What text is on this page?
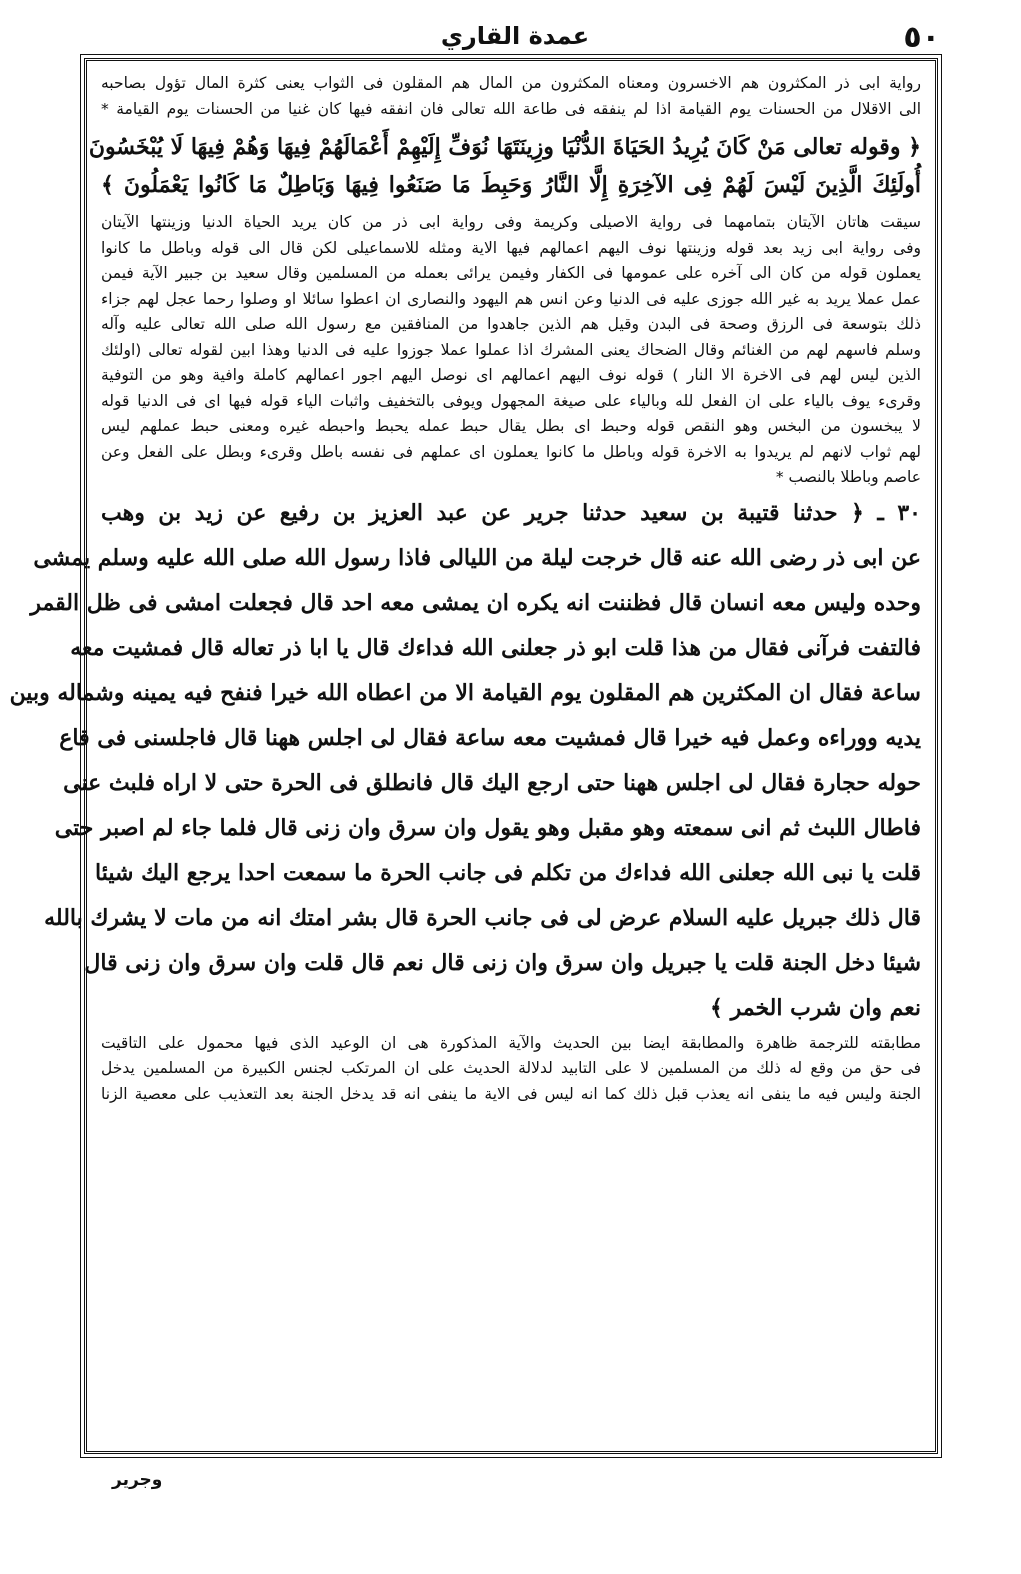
٥٠
عمدة القاري
رواية ابى ذر المكثرون هم الاخسرون ومعناه المكثرون من المال هم المقلون فى الثواب يعنى كثرة المال تؤول بصاحبه
الى الاقلال من الحسنات يوم القيامة اذا لم ينفقه فى طاعة الله تعالى فان انفقه فيها كان غنيا من الحسنات يوم القيامة *
﴿ وقوله تعالى مَنْ كَانَ يُرِيدُ الحَيَاةَ الدُّنْيَا وزِينَتَهَا نُوَفِّ إِلَيْهِمْ أَعْمَالَهُمْ فِيهَا وَهُمْ فِيهَا لَا يُبْخَسُونَ
أُولَئِكَ الَّذِينَ لَيْسَ لَهُمْ فِى الآخِرَةِ إِلَّا النَّارُ وَحَبِطَ مَا صَنَعُوا فِيهَا وَبَاطِلٌ مَا كَانُوا يَعْمَلُونَ ﴾
سيقت هاتان الآيتان بتمامهما فى رواية الاصيلى وكريمة وفى رواية ابى ذر من كان يريد الحياة الدنيا وزينتها الآيتان
وفى رواية ابى زيد بعد قوله وزينتها نوف اليهم اعمالهم فيها الاية ومثله للاسماعيلى لكن قال الى قوله وباطل ما كانوا
يعملون قوله من كان الى آخره على عمومها فى الكفار وفيمن يرائى بعمله من المسلمين وقال سعيد بن جبير الآية فيمن
عمل عملا يريد به غير الله جوزى عليه فى الدنيا وعن انس هم اليهود والنصارى ان اعطوا سائلا او وصلوا رحما عجل لهم جزاء
ذلك بتوسعة فى الرزق وصحة فى البدن وقيل هم الذين جاهدوا من المنافقين مع رسول الله صلى الله تعالى عليه وآله
وسلم فاسهم لهم من الغنائم وقال الضحاك يعنى المشرك اذا عملوا عملا جوزوا عليه فى الدنيا وهذا ابين لقوله تعالى (اولئك
الذين ليس لهم فى الاخرة الا النار ) قوله نوف اليهم اعمالهم اى نوصل اليهم اجور اعمالهم كاملة وافية وهو من التوفية
وقرىء يوف بالياء على ان الفعل لله وبالياء على صيغة المجهول ويوفى بالتخفيف واثبات الياء قوله فيها اى فى الدنيا قوله
لا يبخسون من البخس وهو النقص قوله وحبط اى بطل يقال حبط عمله يحبط واحبطه غيره ومعنى حبط عملهم ليس
لهم ثواب لانهم لم يريدوا به الاخرة قوله وباطل ما كانوا يعملون اى عملهم فى نفسه باطل وقرىء وبطل على الفعل وعن
عاصم وباطلا بالنصب *
٣٠ ـ ﴿ حدثنا قتيبة بن سعيد حدثنا جرير عن عبد العزيز بن رفيع عن زيد بن وهب
عن ابى ذر رضى الله عنه قال خرجت ليلة من الليالى فاذا رسول الله صلى الله عليه وسلم يمشى
وحده وليس معه انسان قال فظننت انه يكره ان يمشى معه احد قال فجعلت امشى فى ظل القمر
فالتفت فرآنى فقال من هذا قلت ابو ذر جعلنى الله فداءك قال يا ابا ذر تعاله قال فمشيت معه
ساعة فقال ان المكثرين هم المقلون يوم القيامة الا من اعطاه الله خيرا فنفح فيه يمينه وشماله وبين
يديه ووراءه وعمل فيه خيرا قال فمشيت معه ساعة فقال لى اجلس ههنا قال فاجلسنى فى قاع
حوله حجارة فقال لى اجلس ههنا حتى ارجع اليك قال فانطلق فى الحرة حتى لا اراه فلبث عنى
فاطال اللبث ثم انى سمعته وهو مقبل وهو يقول وان سرق وان زنى قال فلما جاء لم اصبر حتى
قلت يا نبى الله جعلنى الله فداءك من تكلم فى جانب الحرة ما سمعت احدا يرجع اليك شيئا
قال ذلك جبريل عليه السلام عرض لى فى جانب الحرة قال بشر امتك انه من مات لا يشرك بالله
شيئا دخل الجنة قلت يا جبريل وان سرق وان زنى قال نعم قال قلت وان سرق وان زنى قال
نعم وان شرب الخمر ﴾
مطابقته للترجمة ظاهرة والمطابقة ايضا بين الحديث والآية المذكورة هى ان الوعيد الذى فيها محمول على التاقيت
فى حق من وقع له ذلك من المسلمين لا على التابيد لدلالة الحديث على ان المرتكب لجنس الكبيرة من المسلمين يدخل
الجنة وليس فيه ما ينفى انه يعذب قبل ذلك كما انه ليس فى الاية ما ينفى انه قد يدخل الجنة بعد التعذيب على معصية الزنا
وجرير
